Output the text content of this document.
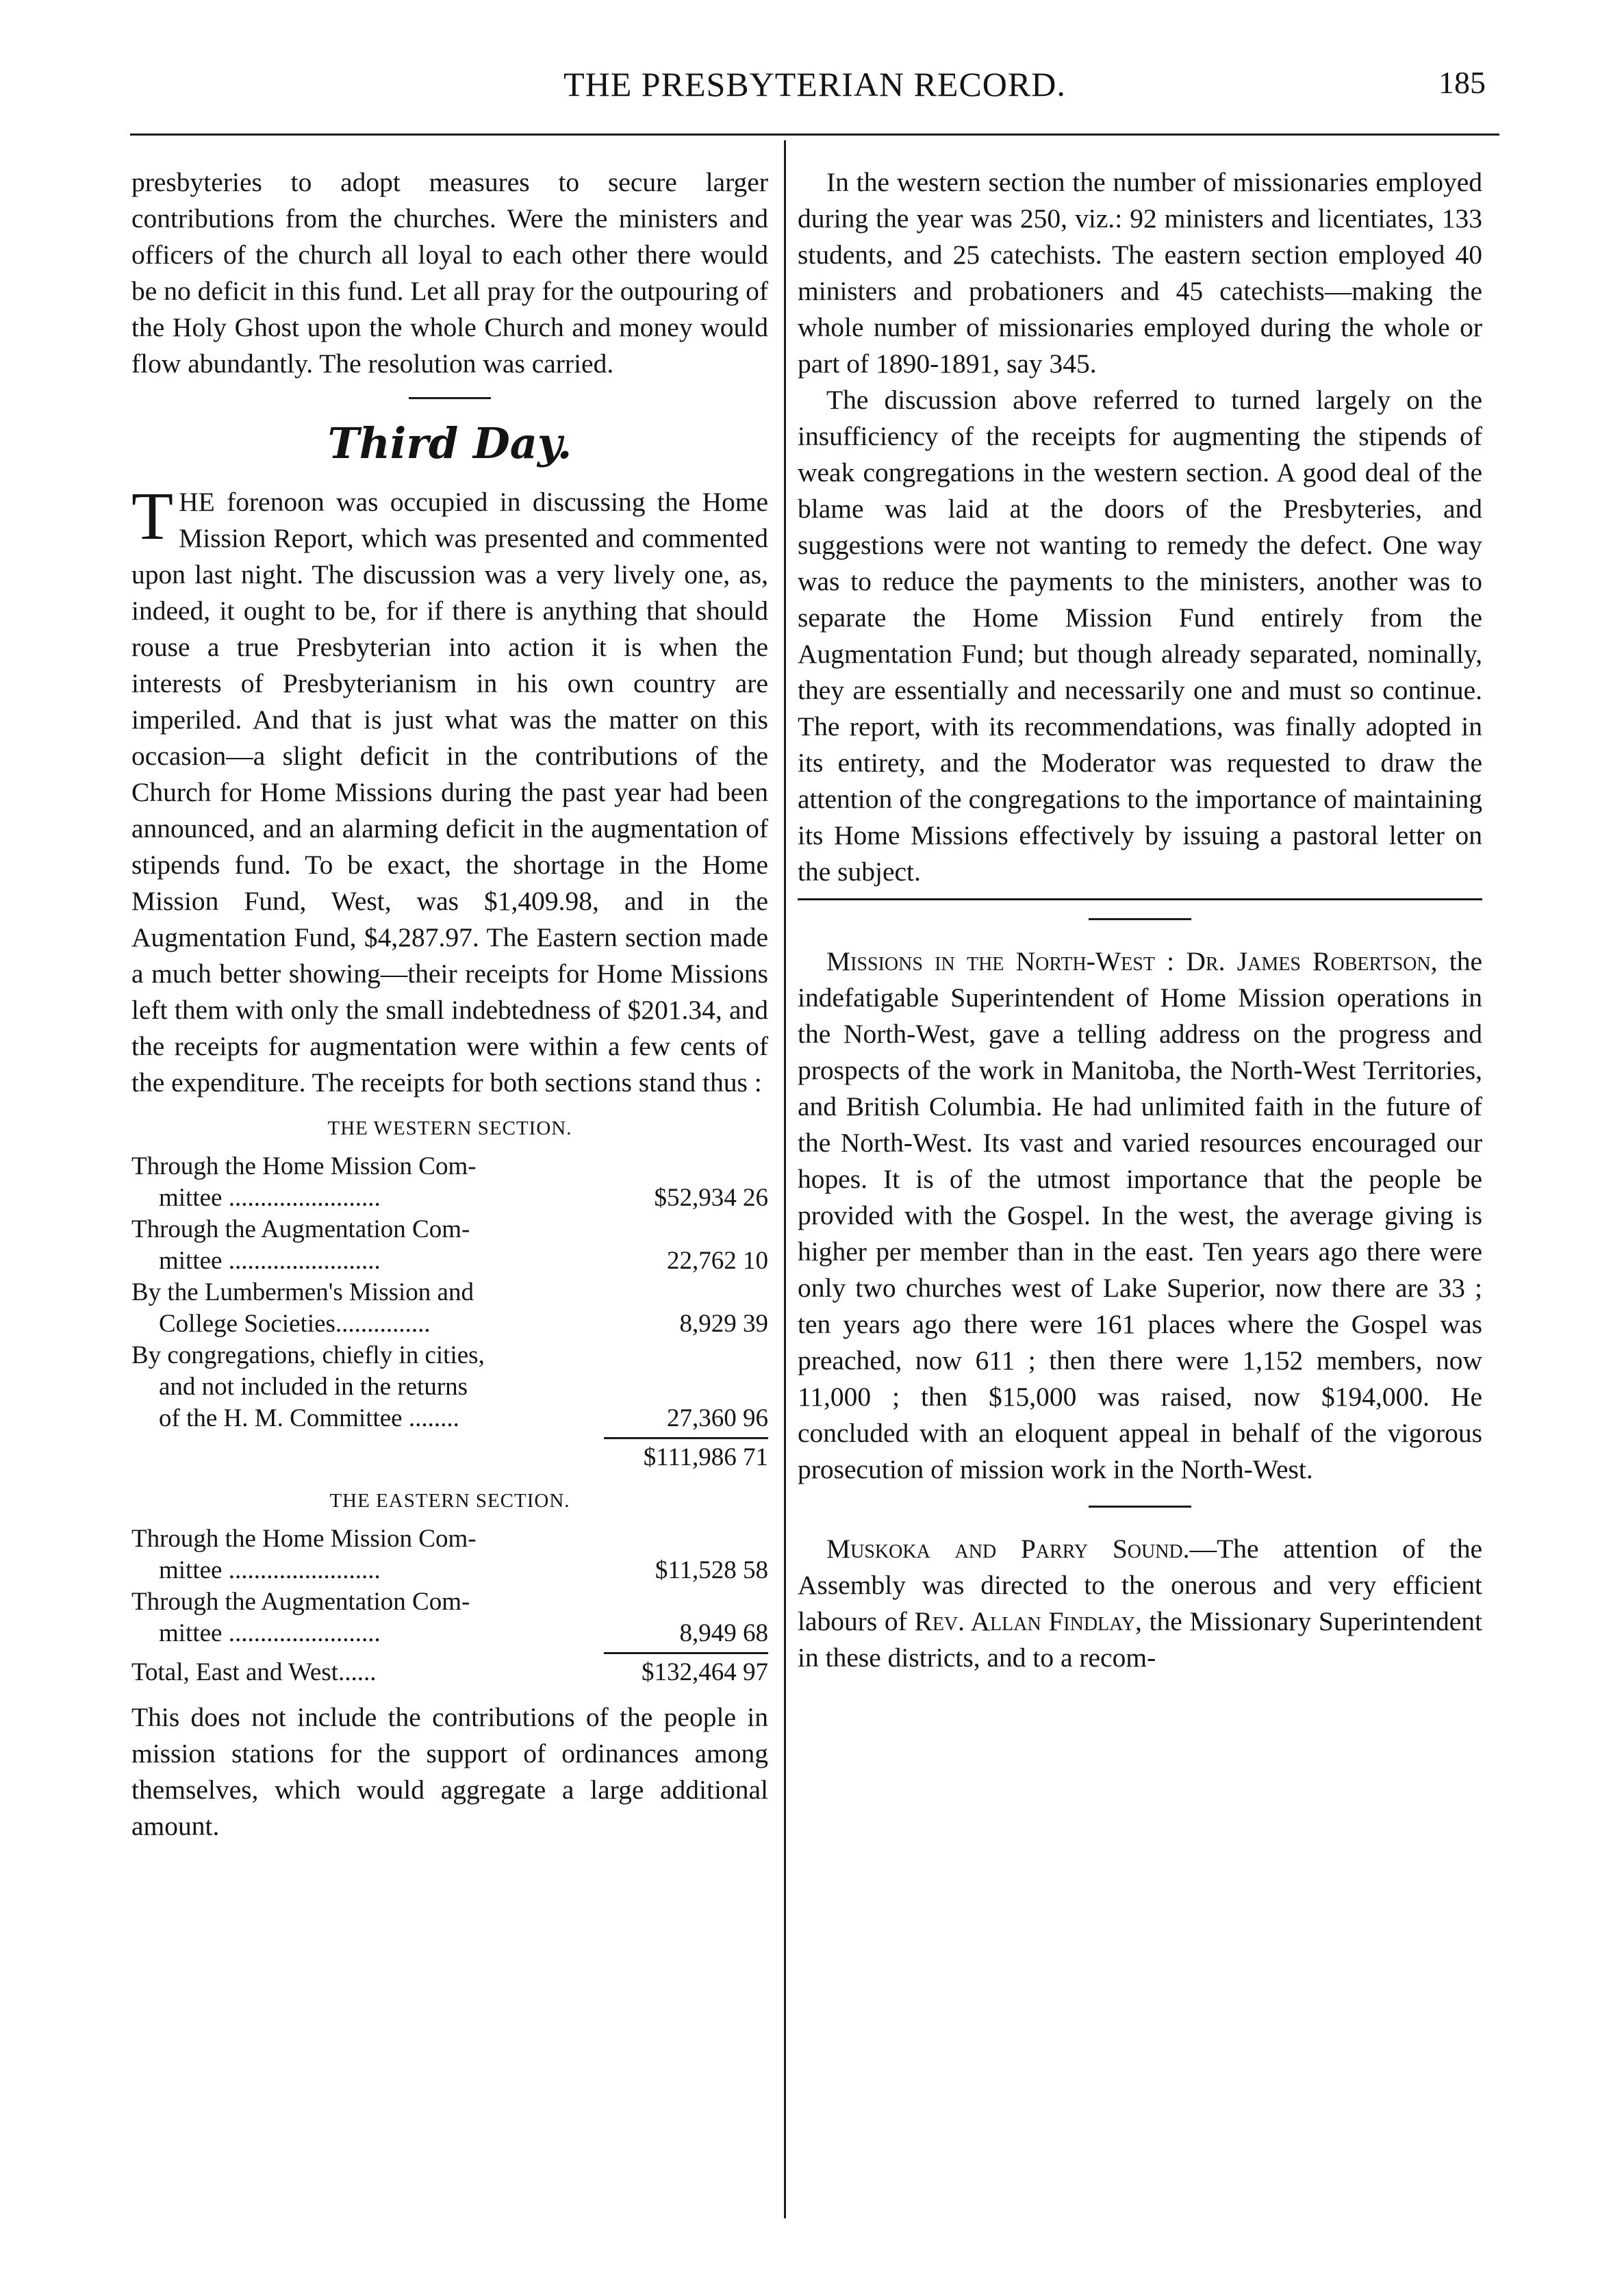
THE PRESBYTERIAN RECORD.	185

presbyteries to adopt measures to secure larger contributions from the churches. Were the ministers and officers of the church all loyal to each other there would be no deficit in this fund. Let all pray for the outpouring of the Holy Ghost upon the whole Church and money would flow abundantly. The resolution was carried.

Third Day.

THE forenoon was occupied in discussing the Home Mission Report, which was presented and commented upon last night. The discussion was a very lively one, as, indeed, it ought to be, for if there is anything that should rouse a true Presbyterian into action it is when the interests of Presbyterianism in his own country are imperiled. And that is just what was the matter on this occasion—a slight deficit in the contributions of the Church for Home Missions during the past year had been announced, and an alarming deficit in the augmentation of stipends fund. To be exact, the shortage in the Home Mission Fund, West, was $1,409.98, and in the Augmentation Fund, $4,287.97. The Eastern section made a much better showing—their receipts for Home Missions left them with only the small indebtedness of $201.34, and the receipts for augmentation were within a few cents of the expenditure. The receipts for both sections stand thus :

THE WESTERN SECTION.
Through the Home Mission Com-
mittee ........................	$52,934 26
Through the Augmentation Com-
mittee ........................	22,762 10
By the Lumbermen's Mission and
College Societies...............	8,929 39
By congregations, chiefly in cities,
and not included in the returns
of the H. M. Committee ........	27,360 96
$111,986 71
THE EASTERN SECTION.
Through the Home Mission Com-
mittee ........................	$11,528 58
Through the Augmentation Com-
mittee ........................	8,949 68
Total, East and West......	$132,464 97

This does not include the contributions of the people in mission stations for the support of ordinances among themselves, which would aggregate a large additional amount.

In the western section the number of missionaries employed during the year was 250, viz.: 92 ministers and licentiates, 133 students, and 25 catechists. The eastern section employed 40 ministers and probationers and 45 catechists—making the whole number of missionaries employed during the whole or part of 1890-1891, say 345.

The discussion above referred to turned largely on the insufficiency of the receipts for augmenting the stipends of weak congregations in the western section. A good deal of the blame was laid at the doors of the Presbyteries, and suggestions were not wanting to remedy the defect. One way was to reduce the payments to the ministers, another was to separate the Home Mission Fund entirely from the Augmentation Fund; but though already separated, nominally, they are essentially and necessarily one and must so continue. The report, with its recommendations, was finally adopted in its entirety, and the Moderator was requested to draw the attention of the congregations to the importance of maintaining its Home Missions effectively by issuing a pastoral letter on the subject.

Missions in the North-West : Dr. James Robertson, the indefatigable Superintendent of Home Mission operations in the North-West, gave a telling address on the progress and prospects of the work in Manitoba, the North-West Territories, and British Columbia. He had unlimited faith in the future of the North-West. Its vast and varied resources encouraged our hopes. It is of the utmost importance that the people be provided with the Gospel. In the west, the average giving is higher per member than in the east. Ten years ago there were only two churches west of Lake Superior, now there are 33 ; ten years ago there were 161 places where the Gospel was preached, now 611 ; then there were 1,152 members, now 11,000 ; then $15,000 was raised, now $194,000. He concluded with an eloquent appeal in behalf of the vigorous prosecution of mission work in the North-West.

Muskoka and Parry Sound.—The attention of the Assembly was directed to the onerous and very efficient labours of Rev. Allan Findlay, the Missionary Superintendent in these districts, and to a recom-
